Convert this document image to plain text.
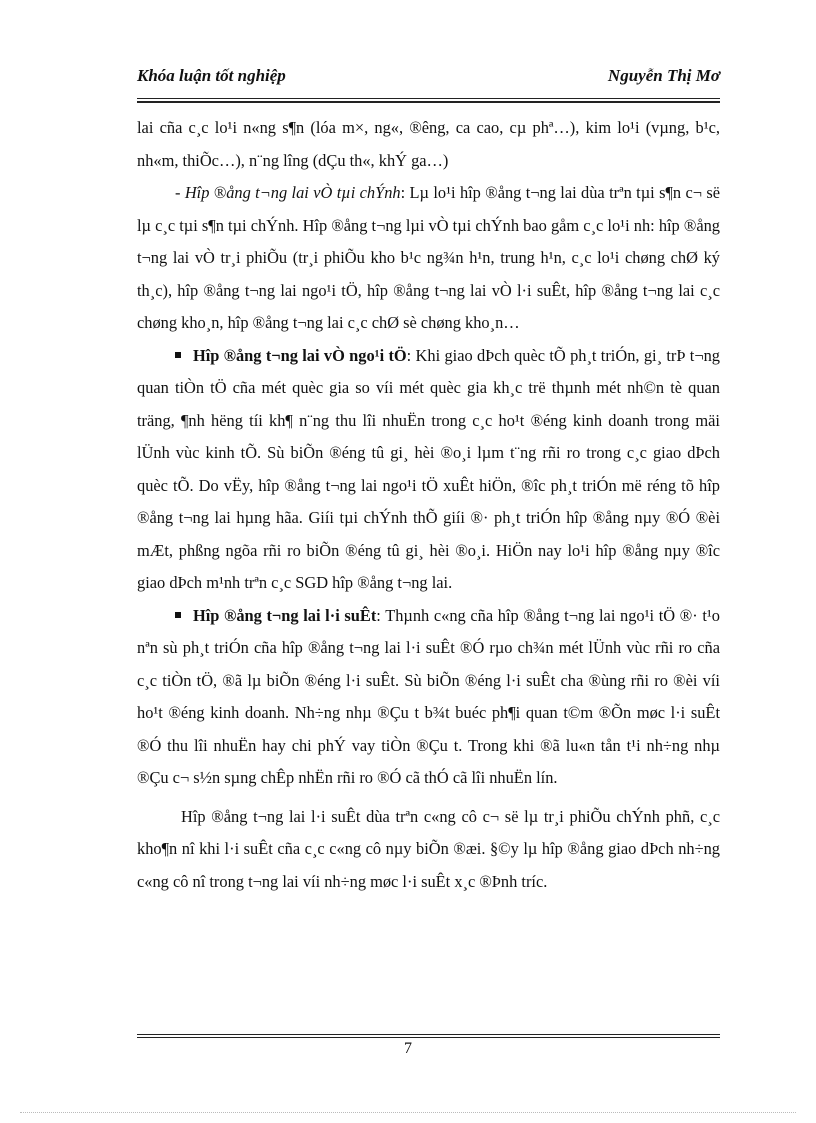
Khóa luận tốt nghiệp	Nguyễn Thị Mơ

lai cña c¸c lo¹i n«ng s¶n (lóa m×, ng«, ®êng, ca cao, cµ phª…), kim lo¹i (vµng, b¹c, nh«m, thiÕc…), n¨ng lîng (dÇu th«, khÝ ga…)

- Hîp ®ång t¬ng lai vÒ tµi chÝnh: Lµ lo¹i hîp ®ång t¬ng lai dùa trªn tµi s¶n c¬ së lµ c¸c tµi s¶n tµi chÝnh. Hîp ®ång t¬ng lµi vÒ tµi chÝnh bao gåm c¸c lo¹i nh: hîp ®ång t¬ng lai vÒ tr¸i phiÕu (tr¸i phiÕu kho b¹c ng¾n h¹n, trung h¹n, c¸c lo¹i chøng chØ ký th¸c), hîp ®ång t¬ng lai ngo¹i tÖ, hîp ®ång t¬ng lai vÒ l·i suÊt, hîp ®ång t¬ng lai c¸c chøng kho¸n, hîp ®ång t¬ng lai c¸c chØ sè chøng kho¸n…

Hîp ®ång t¬ng lai vÒ ngo¹i tÖ: Khi giao dÞch quèc tÕ ph¸t triÓn, gi¸ trÞ t¬ng quan tiÒn tÖ cña mét quèc gia so víi mét quèc gia kh¸c trë thµnh mét nh©n tè quan träng, ¶nh hëng tíi kh¶ n¨ng thu lîi nhuËn trong c¸c ho¹t ®éng kinh doanh trong mäi lÜnh vùc kinh tÕ. Sù biÕn ®éng tû gi¸ hèi ®o¸i lµm t¨ng rñi ro trong c¸c giao dÞch quèc tÕ. Do vËy, hîp ®ång t¬ng lai ngo¹i tÖ xuÊt hiÖn, ®îc ph¸t triÓn më réng tõ hîp ®ång t¬ng lai hµng hãa. Giíi tµi chÝnh thÕ giíi ®· ph¸t triÓn hîp ®ång nµy ®Ó ®èi mÆt, phßng ngõa rñi ro biÕn ®éng tû gi¸ hèi ®o¸i. HiÖn nay lo¹i hîp ®ång nµy ®îc giao dÞch m¹nh trªn c¸c SGD hîp ®ång t¬ng lai.

Hîp ®ång t¬ng lai l·i suÊt: Thµnh c«ng cña hîp ®ång t¬ng lai ngo¹i tÖ ®· t¹o nªn sù ph¸t triÓn cña hîp ®ång t¬ng lai l·i suÊt ®Ó rµo ch¾n mét lÜnh vùc rñi ro cña c¸c tiÒn tÖ, ®ã lµ biÕn ®éng l·i suÊt. Sù biÕn ®éng l·i suÊt cha ®ùng rñi ro ®èi víi ho¹t ®éng kinh doanh. Nh÷ng nhµ ®Çu t b¾t buéc ph¶i quan t©m ®Õn møc l·i suÊt ®Ó thu lîi nhuËn hay chi phÝ vay tiÒn ®Çu t. Trong khi ®ã lu«n tån t¹i nh÷ng nhµ ®Çu c¬ s½n sµng chÊp nhËn rñi ro ®Ó cã thÓ cã lîi nhuËn lín.

Hîp ®ång t¬ng lai l·i suÊt dùa trªn c«ng cô c¬ së lµ tr¸i phiÕu chÝnh phñ, c¸c kho¶n nî khi l·i suÊt cña c¸c c«ng cô nµy biÕn ®æi. §©y lµ hîp ®ång giao dÞch nh÷ng c«ng cô nî trong t¬ng lai víi nh÷ng møc l·i suÊt x¸c ®Þnh tríc.

7
